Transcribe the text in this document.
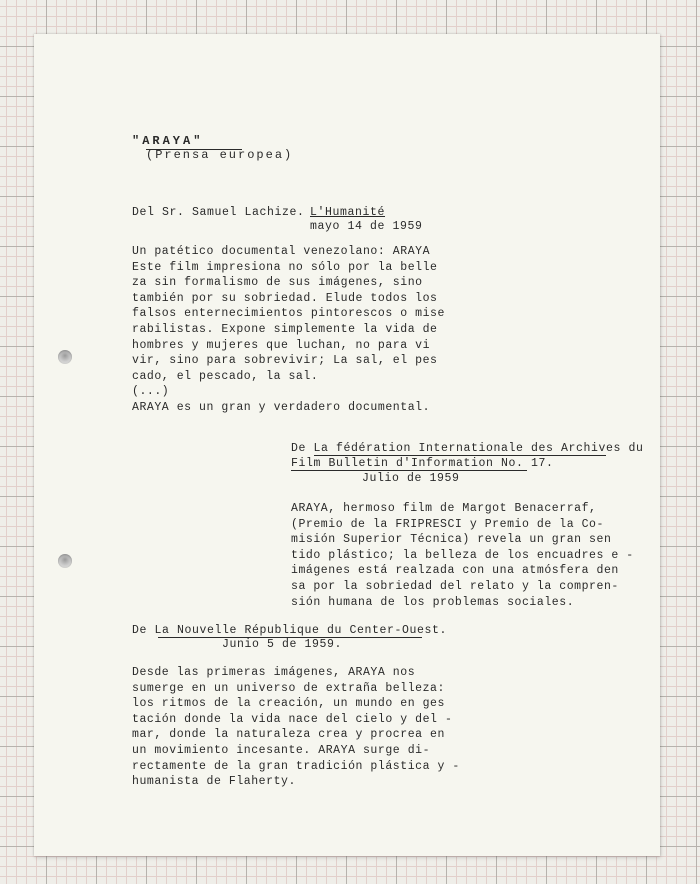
"ARAYA"
(Prensa europea)
Del Sr. Samuel Lachize. L'Humanité
mayo 14 de 1959
Un patético documental venezolano: ARAYA
Este film impresiona no sólo por la belle
za sin formalismo de sus imágenes, sino
también por su sobriedad. Elude todos los
falsos enternecimientos pintorescos o mise
rabilistas. Expone simplemente la vida de
hombres y mujeres que luchan, no para vi
vir, sino para sobrevivir; La sal, el pes
cado, el pescado, la sal.
(...)
ARAYA es un gran y verdadero documental.
De La fédération Internationale des Archives du
Film Bulletin d'Information No. 17.
Julio de 1959
ARAYA, hermoso film de Margot Benacerraf,
(Premio de la FRIPRESCI y Premio de la Co-
misión Superior Técnica) revela un gran sen
tido plástico; la belleza de los encuadres e -
imágenes está realzada con una atmósfera den
sa por la sobriedad del relato y la compren-
sión humana de los problemas sociales.
De La Nouvelle République du Center-Ouest.
Junio 5 de 1959.
Desde las primeras imágenes, ARAYA nos
sumerge en un universo de extraña belleza:
los ritmos de la creación, un mundo en ges
tación donde la vida nace del cielo y del -
mar, donde la naturaleza crea y procrea en
un movimiento incesante. ARAYA surge di-
rectamente de la gran tradición plástica y -
humanista de Flaherty.
